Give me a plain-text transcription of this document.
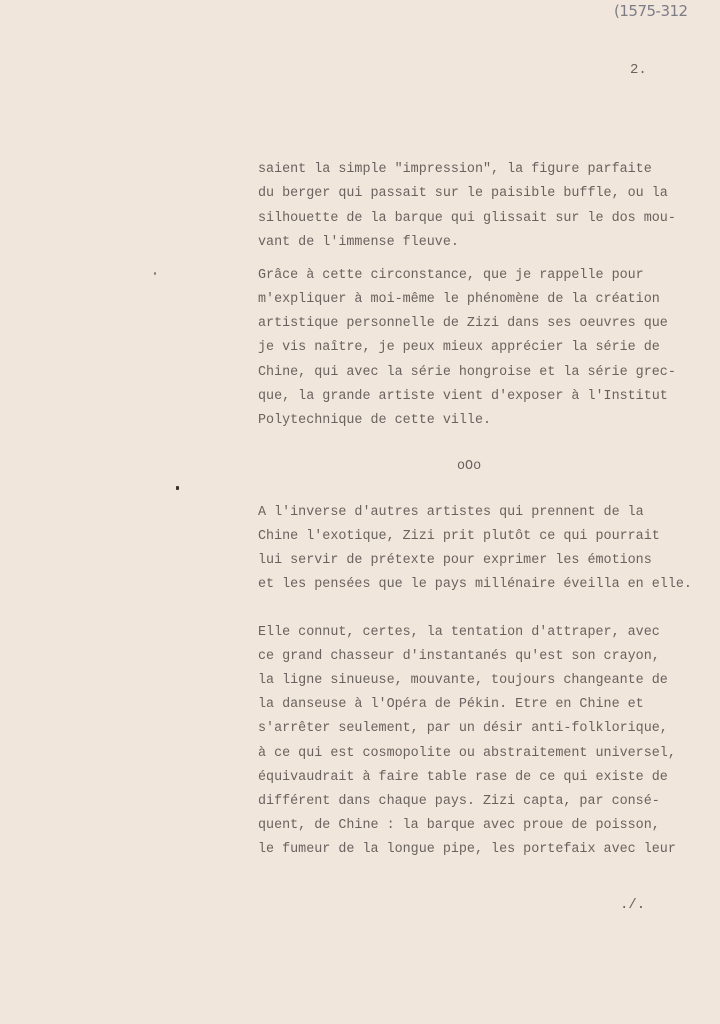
(1575-312
2.
saient la simple "impression", la figure parfaite
du berger qui passait sur le paisible buffle, ou la
silhouette de la barque qui glissait sur le dos mou-
vant de l'immense fleuve.
Grâce à cette circonstance, que je rappelle pour
m'expliquer à moi-même le phénomène de la création
artistique personnelle de Zizi dans ses oeuvres que
je vis naître, je peux mieux apprécier la série de
Chine, qui avec la série hongroise et la série grec-
que, la grande artiste vient d'exposer à l'Institut
Polytechnique de cette ville.
A l'inverse d'autres artistes qui prennent de la
Chine l'exotique, Zizi prit plutôt ce qui pourrait
lui servir de prétexte pour exprimer les émotions
et les pensées que le pays millénaire éveilla en elle.
Elle connut, certes, la tentation d'attraper, avec
ce grand chasseur d'instantanés qu'est son crayon,
la ligne sinueuse, mouvante, toujours changeante de
la danseuse à l'Opéra de Pékin. Etre en Chine et
s'arrêter seulement, par un désir anti-folklorique,
à ce qui est cosmopolite ou abstraitement universel,
équivaudrait à faire table rase de ce qui existe de
différent dans chaque pays. Zizi capta, par consé-
quent, de Chine : la barque avec proue de poisson,
le fumeur de la longue pipe, les portefaix avec leur
oOo
./.
